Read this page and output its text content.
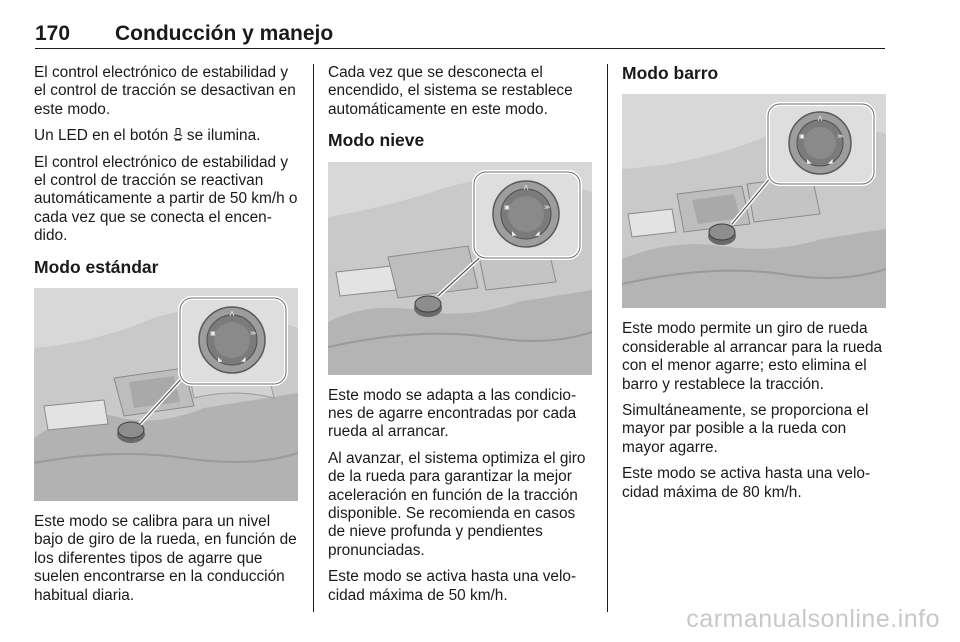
170 Conducción y manejo

El control electrónico de estabilidad y el control de tracción se desactivan en este modo.

Un LED en el botón  se ilumina.

El control electrónico de estabilidad y el control de tracción se reactivan automáticamente a partir de 50 km/h o cada vez que se conecta el encen- dido.

Modo estándar
Λ
▣	≫
◣	◢

Este modo se calibra para un nivel bajo de giro de la rueda, en función de los diferentes tipos de agarre que suelen encontrarse en la conducción habitual diaria.

Cada vez que se desconecta el encendido, el sistema se restablece automáticamente en este modo.

Modo nieve
Λ
▣	≫
◣	◢

Este modo se adapta a las condicio- nes de agarre encontradas por cada rueda al arrancar.

Al avanzar, el sistema optimiza el giro de la rueda para garantizar la mejor aceleración en función de la tracción disponible. Se recomienda en casos de nieve profunda y pendientes pronunciadas.

Este modo se activa hasta una velo- cidad máxima de 50 km/h.

Modo barro
Λ
▣	≫
◣	◢

Este modo permite un giro de rueda considerable al arrancar para la rueda con el menor agarre; esto elimina el barro y restablece la tracción.

Simultáneamente, se proporciona el mayor par posible a la rueda con mayor agarre.

Este modo se activa hasta una velo- cidad máxima de 80 km/h.

carmanualsonline.info
